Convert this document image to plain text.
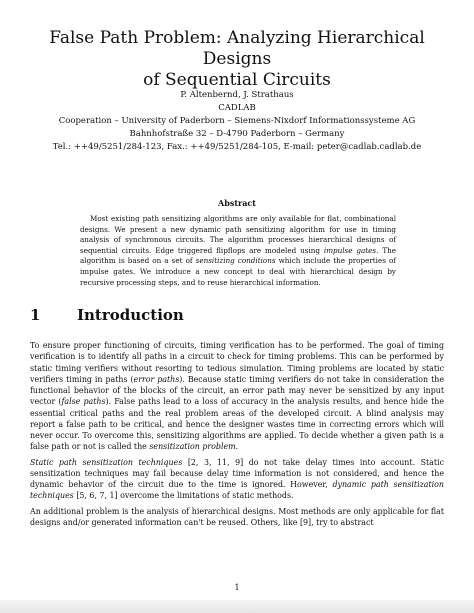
False Path Problem: Analyzing Hierarchical Designs
of Sequential Circuits
P. Altenbernd, J. Strathaus
CADLAB
Cooperation – University of Paderborn – Siemens-Nixdorf Informationssysteme AG
Bahnhofstraße 32 – D-4790 Paderborn – Germany
Tel.: ++49/5251/284-123, Fax.: ++49/5251/284-105, E-mail: peter@cadlab.cadlab.de
Abstract

Most existing path sensitizing algorithms are only available for flat, combinational designs. We present a new dynamic path sensitizing algorithm for use in timing analysis of synchronous circuits. The algorithm processes hierarchical designs of sequential circuits. Edge triggered flipflops are modeled using impulse gates. The algorithm is based on a set of sensitizing conditions which include the properties of impulse gates. We introduce a new concept to deal with hierarchical design by recursive processing steps, and to reuse hierarchical information.

1 Introduction

To ensure proper functioning of circuits, timing verification has to be performed. The goal of timing verification is to identify all paths in a circuit to check for timing problems. This can be performed by static timing verifiers without resorting to tedious simulation. Timing problems are located by static verifiers timing in paths (error paths). Because static timing verifiers do not take in consideration the functional behavior of the blocks of the circuit, an error path may never be sensitized by any input vector (false paths). False paths lead to a loss of accuracy in the analysis results, and hence hide the essential critical paths and the real problem areas of the developed circuit. A blind analysis may report a false path to be critical, and hence the designer wastes time in correcting errors which will never occur. To overcome this, sensitizing algorithms are applied. To decide whether a given path is a false path or not is called the sensitization problem.

Static path sensitization techniques [2, 3, 11, 9] do not take delay times into account. Static sensitization techniques may fail because delay time information is not considered, and hence the dynamic behavior of the circuit due to the time is ignored. However, dynamic path sensitization techniques [5, 6, 7, 1] overcome the limitations of static methods.

An additional problem is the analysis of hierarchical designs. Most methods are only applicable for flat designs and/or generated information can't be reused. Others, like [9], try to abstract

1
